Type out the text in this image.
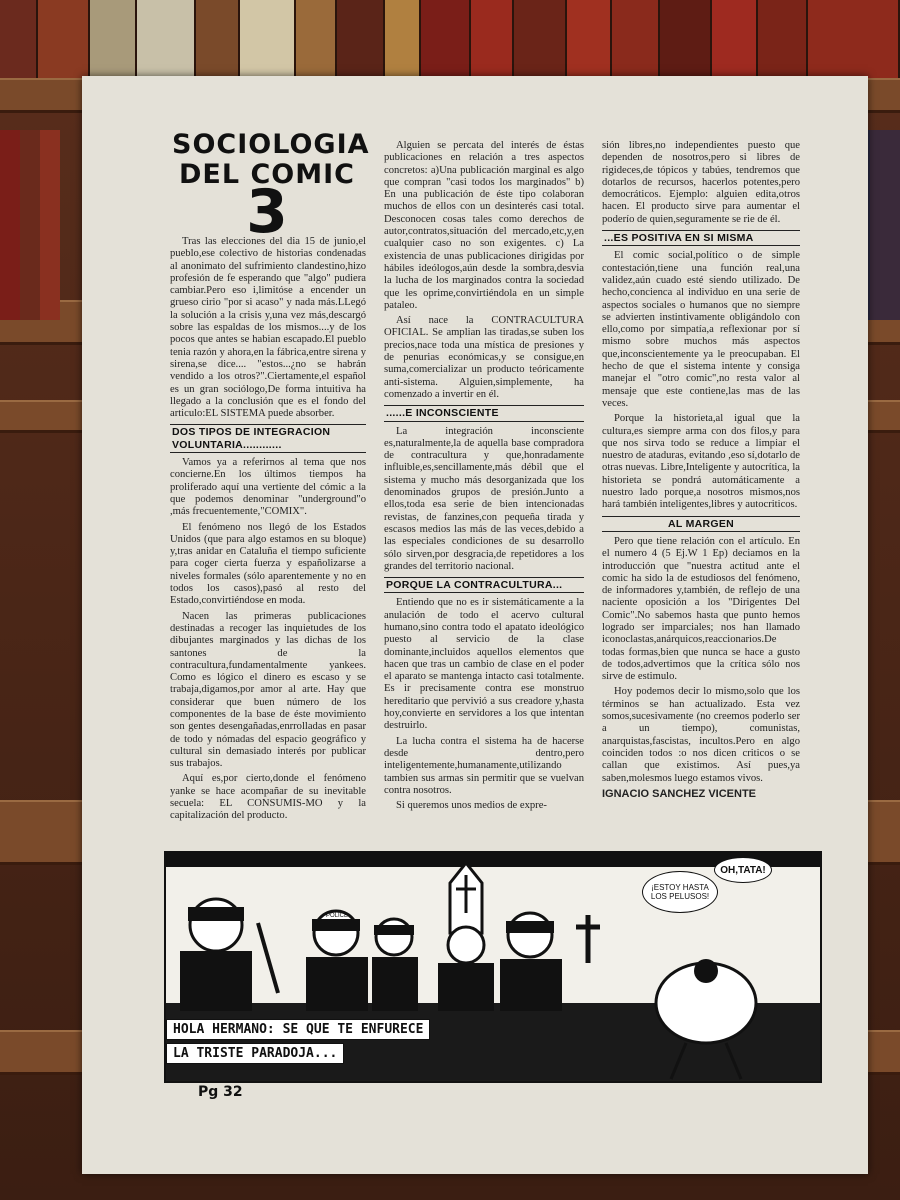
SOCIOLOGIA
DEL COMIC
3

Tras las elecciones del dia 15 de junio,el pueblo,ese colectivo de historias condenadas al anonimato del sufrimiento clandestino,hizo profesión de fe esperando que "algo" pudiera cambiar.Pero eso i,limitóse a encender un grueso cirio "por si acaso" y nada más.LLegó la solución a la crisis y,una vez más,descargó sobre las espaldas de los mismos....y de los pocos que antes se habian escapado.El pueblo tenia razón y ahora,en la fábrica,entre sirena y sirena,se dice.... "estos...¿no se habrán vendido a los otros?".Ciertamente,el español es un gran sociólogo,De forma intuitiva ha llegado a la conclusión que es el fondo del articulo:EL SISTEMA puede absorber.

DOS TIPOS DE INTEGRACION VOLUNTARIA............

Vamos ya a referirnos al tema que nos concierne.En los últimos tiempos ha proliferado aquí una vertiente del cómic a la que podemos denominar "underground"o ,más frecuentemente,"COMIX".

El fenómeno nos llegó de los Estados Unidos (que para algo estamos en su bloque) y,tras anidar en Cataluña el tiempo suficiente para coger cierta fuerza y españolizarse a niveles formales (sólo aparentemente y no en todos los casos),pasó al resto del Estado,convirtiéndose en moda.

Nacen las primeras publicaciones destinadas a recoger las inquietudes de los dibujantes marginados y las dichas de los santones de la contracultura,fundamentalmente yankees. Como es lógico el dinero es escaso y se trabaja,digamos,por amor al arte. Hay que considerar que buen número de los componentes de la base de éste movimiento son gentes desengañadas,enrrolladas en pasar de todo y nómadas del espacio geográfico y cultural sin demasiado interés por publicar sus trabajos.

Aquí es,por cierto,donde el fenómeno yanke se hace acompañar de su inevitable secuela: EL CONSUMIS-MO y la capitalización del producto.

Alguien se percata del interés de éstas publicaciones en relación a tres aspectos concretos: a)Una publicación marginal es algo que compran "casi todos los marginados" b) En una publicación de éste tipo colaboran muchos de ellos con un desinterés casi total. Desconocen cosas tales como derechos de autor,contratos,situación del mercado,etc,y,en cualquier caso no son exigentes. c) La existencia de unas publicaciones dirigidas por hábiles ideólogos,aún desde la sombra,desvia la lucha de los marginados contra la sociedad que les oprime,convirtiéndola en un simple pataleo.

Así nace la CONTRACULTURA OFICIAL. Se amplian las tiradas,se suben los precios,nace toda una mística de presiones y de penurias económicas,y se consigue,en suma,comercializar un producto teóricamente anti-sistema. Alguien,simplemente, ha comenzado a invertir en él.

......E INCONSCIENTE

La integración inconsciente es,naturalmente,la de aquella base compradora de contracultura y que,honradamente influible,es,sencillamente,más débil que el sistema y mucho más desorganizada que los denominados grupos de presión.Junto a ellos,toda esa serie de bien intencionadas revistas, de fanzines,con pequeña tirada y escasos medios las más de las veces,debido a las especiales condiciones de su desarrollo sólo sirven,por desgracia,de repetidores a los grandes del territorio nacional.

PORQUE LA CONTRACULTURA...

Entiendo que no es ir sistemáticamente a la anulación de todo el acervo cultural humano,sino contra todo el apatato ideológico puesto al servicio de la clase dominante,incluidos aquellos elementos que hacen que tras un cambio de clase en el poder el aparato se mantenga intacto casi totalmente. Es ir precisamente contra ese monstruo hereditario que pervivió a sus creadore y,hasta hoy,convierte en servidores a los que intentan destruirlo.

La lucha contra el sistema ha de hacerse desde dentro,pero inteligentemente,humanamente,utilizando tambien sus armas sin permitir que se vuelvan contra nosotros.

Si queremos unos medios de expre-

sión libres,no independientes puesto que dependen de nosotros,pero si libres de rigideces,de tópicos y tabúes, tendremos que dotarlos de recursos, hacerlos potentes,pero democráticos. Ejemplo: alguien edita,otros hacen. El producto sirve para aumentar el poderío de quien,seguramente se rie de él.

...ES POSITIVA EN SI MISMA

El comic social,político o de simple contestación,tiene una función real,una validez,aún cuado esté siendo utilizado. De hecho,concienca al individuo en una serie de aspectos sociales o humanos que no siempre se advierten instintivamente obligándolo con ello,como por simpatía,a reflexionar por sí mismo sobre muchos más aspectos que,inconscientemente ya le preocupaban. El hecho de que el sistema intente y consiga manejar el "otro comic",no resta valor al mensaje que este contiene,las mas de las veces.

Porque la historieta,al igual que la cultura,es siempre arma con dos filos,y para que nos sirva todo se reduce a limpiar el nuestro de ataduras, evitando ,eso sí,dotarlo de otras nuevas. Libre,Inteligente y autocrítica, la historieta se pondrá automáticamente a nuestro lado porque,a nosotros mismos,nos hará también inteligentes,libres y autocriticos.

AL MARGEN

Pero que tiene relación con el artículo. En el numero 4 (5 Ej.W 1 Ep) deciamos en la introducción que "nuestra actitud ante el comic ha sido la de estudiosos del fenómeno, de informadores y,también, de reflejo de una naciente oposición a los "Dirigentes Del Comic".No sabemos hasta que punto hemos logrado ser imparciales; nos han llamado iconoclastas,anárquicos,reaccionarios.De todas formas,bien que nunca se hace a gusto de todos,advertimos que la crítica sólo nos sirve de estimulo.

Hoy podemos decir lo mismo,solo que los términos se han actualizado. Esta vez somos,sucesivamente (no creemos poderlo ser a un tiempo), comunistas, anarquistas,fascistas, incultos.Pero en algo coinciden todos :o nos dicen criticos o se callan que existimos. Así pues,ya saben,molesmos luego estamos vivos.

IGNACIO SANCHEZ VICENTE

POLICE
¡ESTOY HASTA LOS PELUSOS!
OH,TATA!
HOLA HERMANO: SE QUE TE ENFURECE
LA TRISTE PARADOJA...
Pg 32
